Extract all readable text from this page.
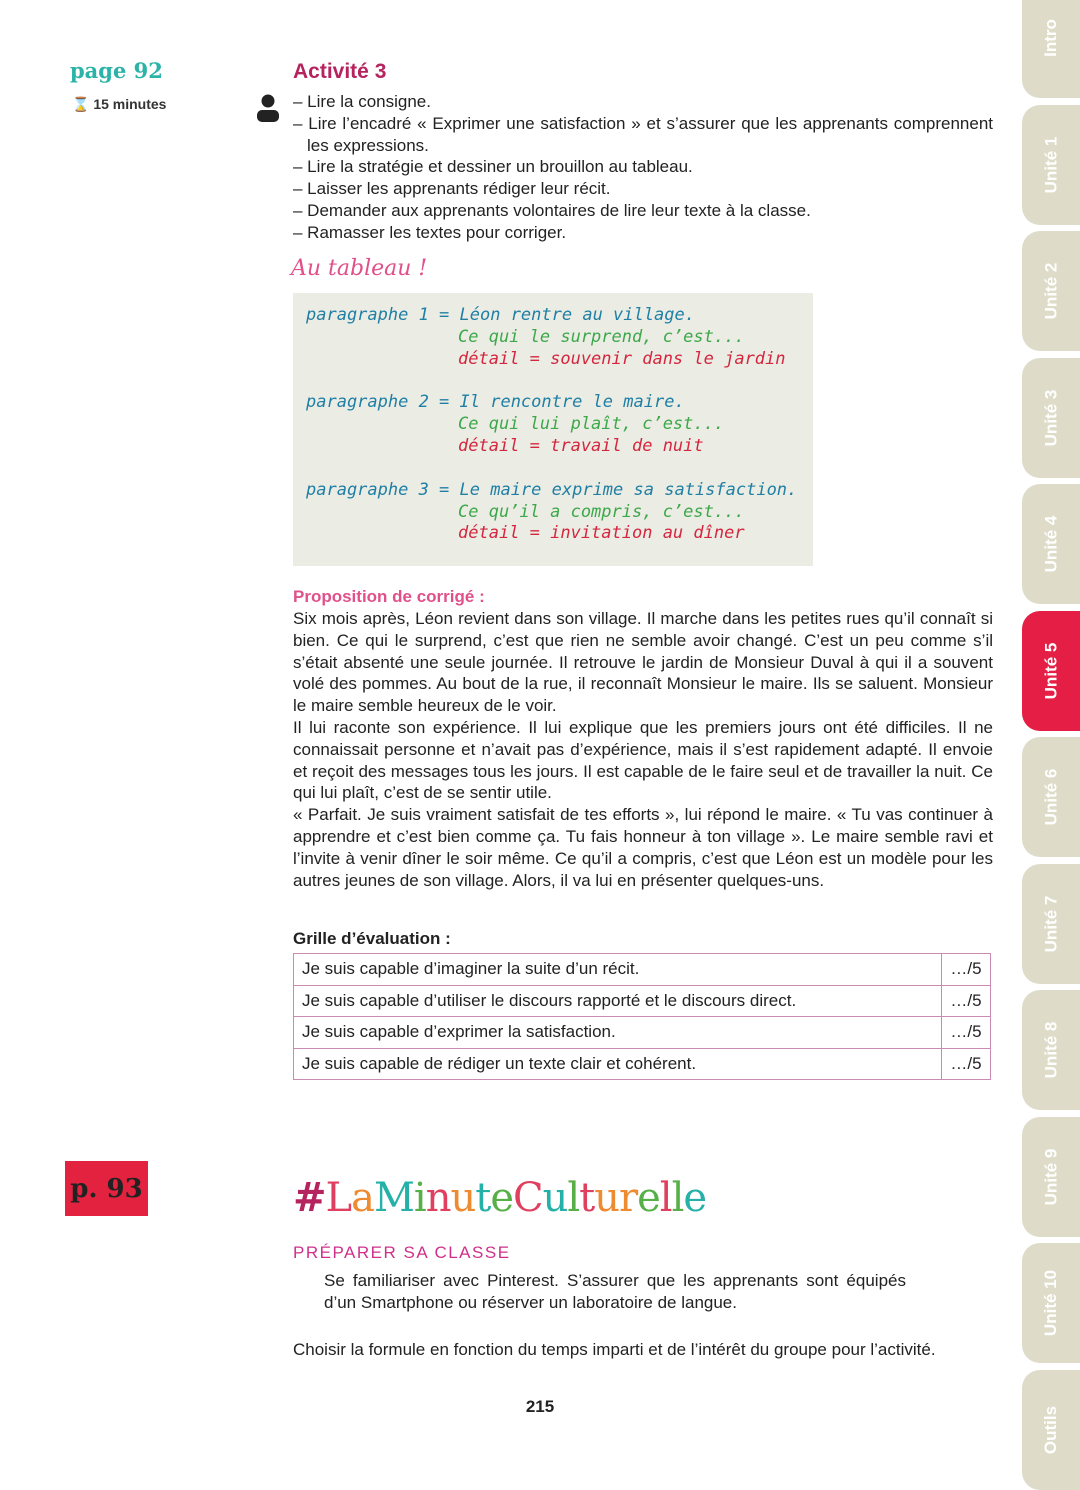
page 92
⌛ 15 minutes
Activité 3
– Lire la consigne.
– Lire l’encadré « Exprimer une satisfaction » et s’assurer que les apprenants comprennent les expressions.
– Lire la stratégie et dessiner un brouillon au tableau.
– Laisser les apprenants rédiger leur récit.
– Demander aux apprenants volontaires de lire leur texte à la classe.
– Ramasser les textes pour corriger.
Au tableau !
paragraphe 1 = Léon rentre au village.
Ce qui le surprend, c’est...
détail = souvenir dans le jardin
paragraphe 2 = Il rencontre le maire.
Ce qui lui plaît, c’est...
détail = travail de nuit
paragraphe 3 = Le maire exprime sa satisfaction.
Ce qu’il a compris, c’est...
détail = invitation au dîner
Proposition de corrigé :

Six mois après, Léon revient dans son village. Il marche dans les petites rues qu’il connaît si bien. Ce qui le surprend, c’est que rien ne semble avoir changé. C’est un peu comme s’il s’était absenté une seule journée. Il retrouve le jardin de Monsieur Duval à qui il a souvent volé des pommes. Au bout de la rue, il reconnaît Monsieur le maire. Ils se saluent. Monsieur le maire semble heureux de le voir.

Il lui raconte son expérience. Il lui explique que les premiers jours ont été difficiles. Il ne connaissait personne et n’avait pas d’expérience, mais il s’est rapidement adapté. Il envoie et reçoit des messages tous les jours. Il est capable de le faire seul et de travailler la nuit. Ce qui lui plaît, c’est de se sentir utile.

« Parfait. Je suis vraiment satisfait de tes efforts », lui répond le maire. « Tu vas continuer à apprendre et c’est bien comme ça. Tu fais honneur à ton village ». Le maire semble ravi et l’invite à venir dîner le soir même. Ce qu’il a compris, c’est que Léon est un modèle pour les autres jeunes de son village. Alors, il va lui en présenter quelques-uns.

Grille d’évaluation :
Je suis capable d’imaginer la suite d’un récit.	…/5
Je suis capable d’utiliser le discours rapporté et le discours direct.	…/5
Je suis capable d’exprimer la satisfaction.	…/5
Je suis capable de rédiger un texte clair et cohérent.	…/5
p. 93	#LaMinuteCulturelle
PRÉPARER SA CLASSE
Se familiariser avec Pinterest. S’assurer que les apprenants sont équipés d’un Smartphone ou réserver un laboratoire de langue.
Choisir la formule en fonction du temps imparti et de l’intérêt du groupe pour l’activité.
215
Intro
Unité 1
Unité 2
Unité 3
Unité 4
Unité 5
Unité 6
Unité 7
Unité 8
Unité 9
Unité 10
Outils
